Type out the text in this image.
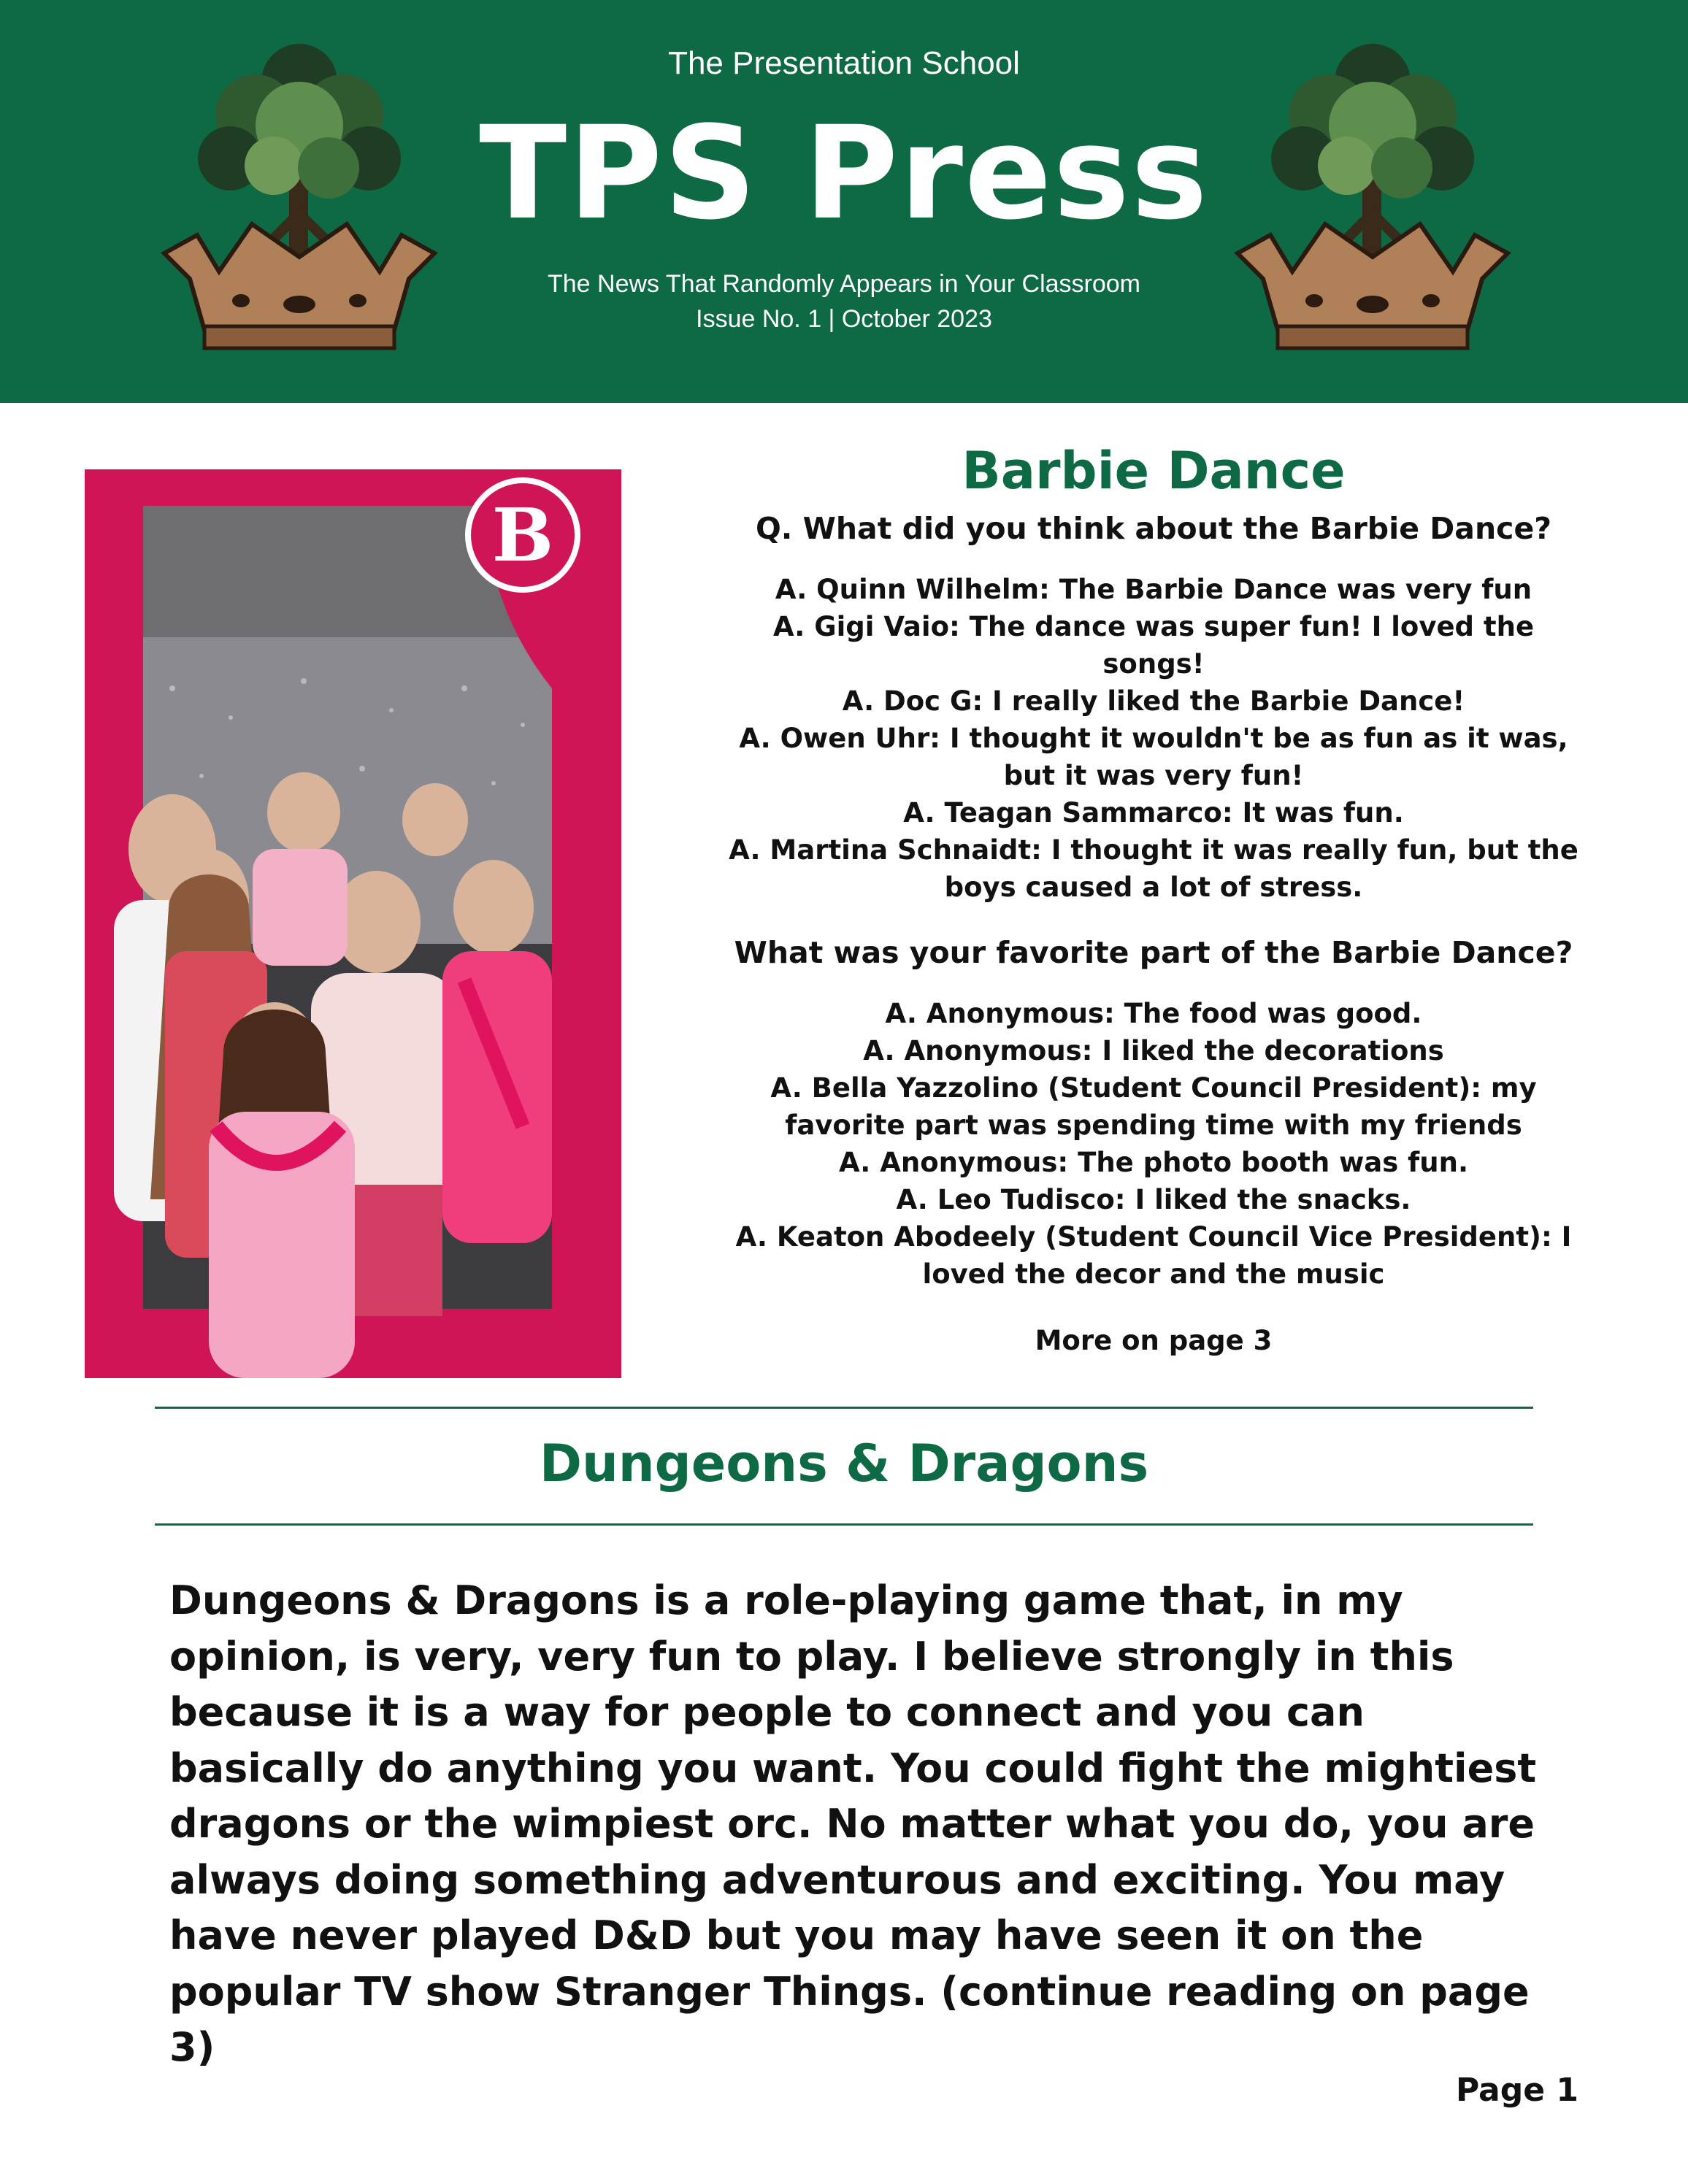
The Presentation School
TPS Press
The News That Randomly Appears in Your Classroom
Issue No. 1 | October 2023
B
Barbie Dance
Q. What did you think about the Barbie Dance?
A. Quinn Wilhelm: The Barbie Dance was very fun
A. Gigi Vaio: The dance was super fun! I loved the songs!
A. Doc G: I really liked the Barbie Dance!
A. Owen Uhr: I thought it wouldn't be as fun as it was, but it was very fun!
A. Teagan Sammarco: It was fun.
A. Martina Schnaidt: I thought it was really fun, but the boys caused a lot of stress.
What was your favorite part of the Barbie Dance?
A. Anonymous: The food was good.
A. Anonymous: I liked the decorations
A. Bella Yazzolino (Student Council President): my favorite part was spending time with my friends
A. Anonymous: The photo booth was fun.
A. Leo Tudisco: I liked the snacks.
A. Keaton Abodeely (Student Council Vice President): I loved the decor and the music
More on page 3
Dungeons & Dragons
Dungeons & Dragons is a role-playing game that, in my opinion, is very, very fun to play. I believe strongly in this because it is a way for people to connect and you can basically do anything you want. You could fight the mightiest dragons or the wimpiest orc. No matter what you do, you are always doing something adventurous and exciting. You may have never played D&D but you may have seen it on the popular TV show Stranger Things. (continue reading on page 3)
Page 1
